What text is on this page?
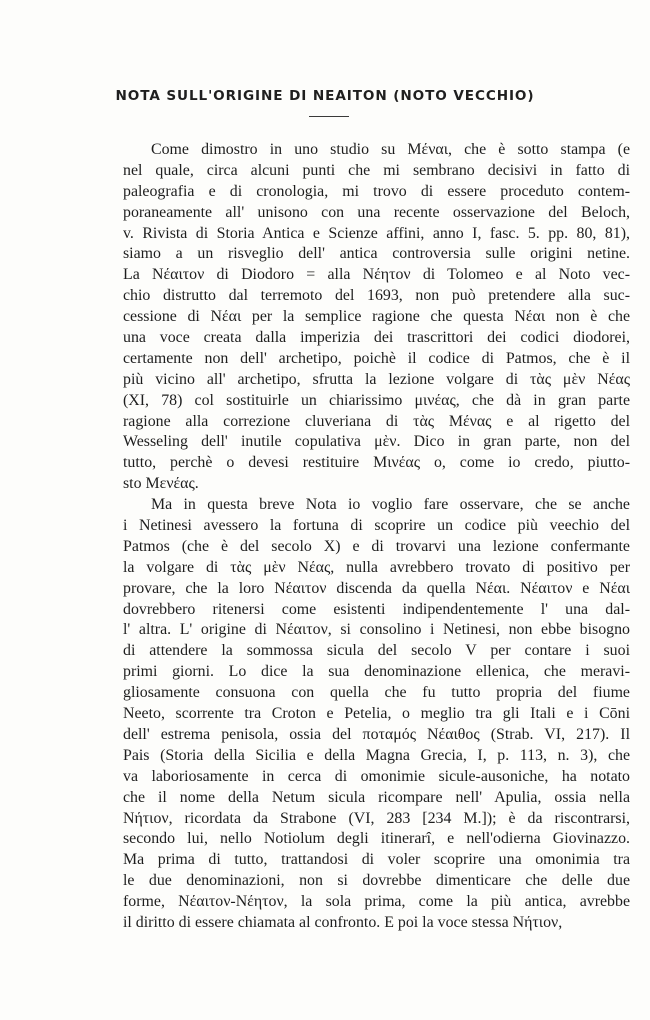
NOTA SULL'ORIGINE DI NEAITON (NOTO VECCHIO)
Come dimostro in uno studio su Μέναι, che è sotto stampa (e
nel quale, circa alcuni punti che mi sembrano decisivi in fatto di
paleografia e di cronologia, mi trovo di essere proceduto contem-
poraneamente all' unisono con una recente osservazione del Beloch,
v. Rivista di Storia Antica e Scienze affini, anno I, fasc. 5. pp. 80, 81),
siamo a un risveglio dell' antica controversia sulle origini netine.
La Νέαιτον di Diodoro = alla Νέητον di Tolomeo e al Noto vec-
chio distrutto dal terremoto del 1693, non può pretendere alla suc-
cessione di Νέαι per la semplice ragione che questa Νέαι non è che
una voce creata dalla imperizia dei trascrittori dei codici diodorei,
certamente non dell' archetipo, poichè il codice di Patmos, che è il
più vicino all' archetipo, sfrutta la lezione volgare di τὰς μὲν Νέας
(XI, 78) col sostituirle un chiarissimo μινέας, che dà in gran parte
ragione alla correzione cluveriana di τὰς Μένας e al rigetto del
Wesseling dell' inutile copulativa μὲν. Dico in gran parte, non del
tutto, perchè o devesi restituire Μινέας o, come io credo, piutto-
sto Μενέας.
Ma in questa breve Nota io voglio fare osservare, che se anche
i Netinesi avessero la fortuna di scoprire un codice più veechio del
Patmos (che è del secolo X) e di trovarvi una lezione confermante
la volgare di τὰς μὲν Νέας, nulla avrebbero trovato di positivo per
provare, che la loro Νέαιτον discenda da quella Νέαι. Νέαιτον e Νέαι
dovrebbero ritenersi come esistenti indipendentemente l' una dal-
l' altra. L' origine di Νέαιτον, si consolino i Netinesi, non ebbe bisogno
di attendere la sommossa sicula del secolo V per contare i suoi
primi giorni. Lo dice la sua denominazione ellenica, che meravi-
gliosamente consuona con quella che fu tutto propria del fiume
Neeto, scorrente tra Croton e Petelia, o meglio tra gli Itali e i Cōni
dell' estrema penisola, ossia del ποταμός Νέαιθος (Strab. VI, 217). Il
Pais (Storia della Sicilia e della Magna Grecia, I, p. 113, n. 3), che
va laboriosamente in cerca di omonimie sicule-ausoniche, ha notato
che il nome della Netum sicula ricompare nell' Apulia, ossia nella
Νήτιον, ricordata da Strabone (VI, 283 [234 M.]); è da riscontrarsi,
secondo lui, nello Notiolum degli itinerarî, e nell'odierna Giovinazzo.
Ma prima di tutto, trattandosi di voler scoprire una omonimia tra
le due denominazioni, non si dovrebbe dimenticare che delle due
forme, Νέαιτον-Νέητον, la sola prima, come la più antica, avrebbe
il diritto di essere chiamata al confronto. E poi la voce stessa Νήτιον,
